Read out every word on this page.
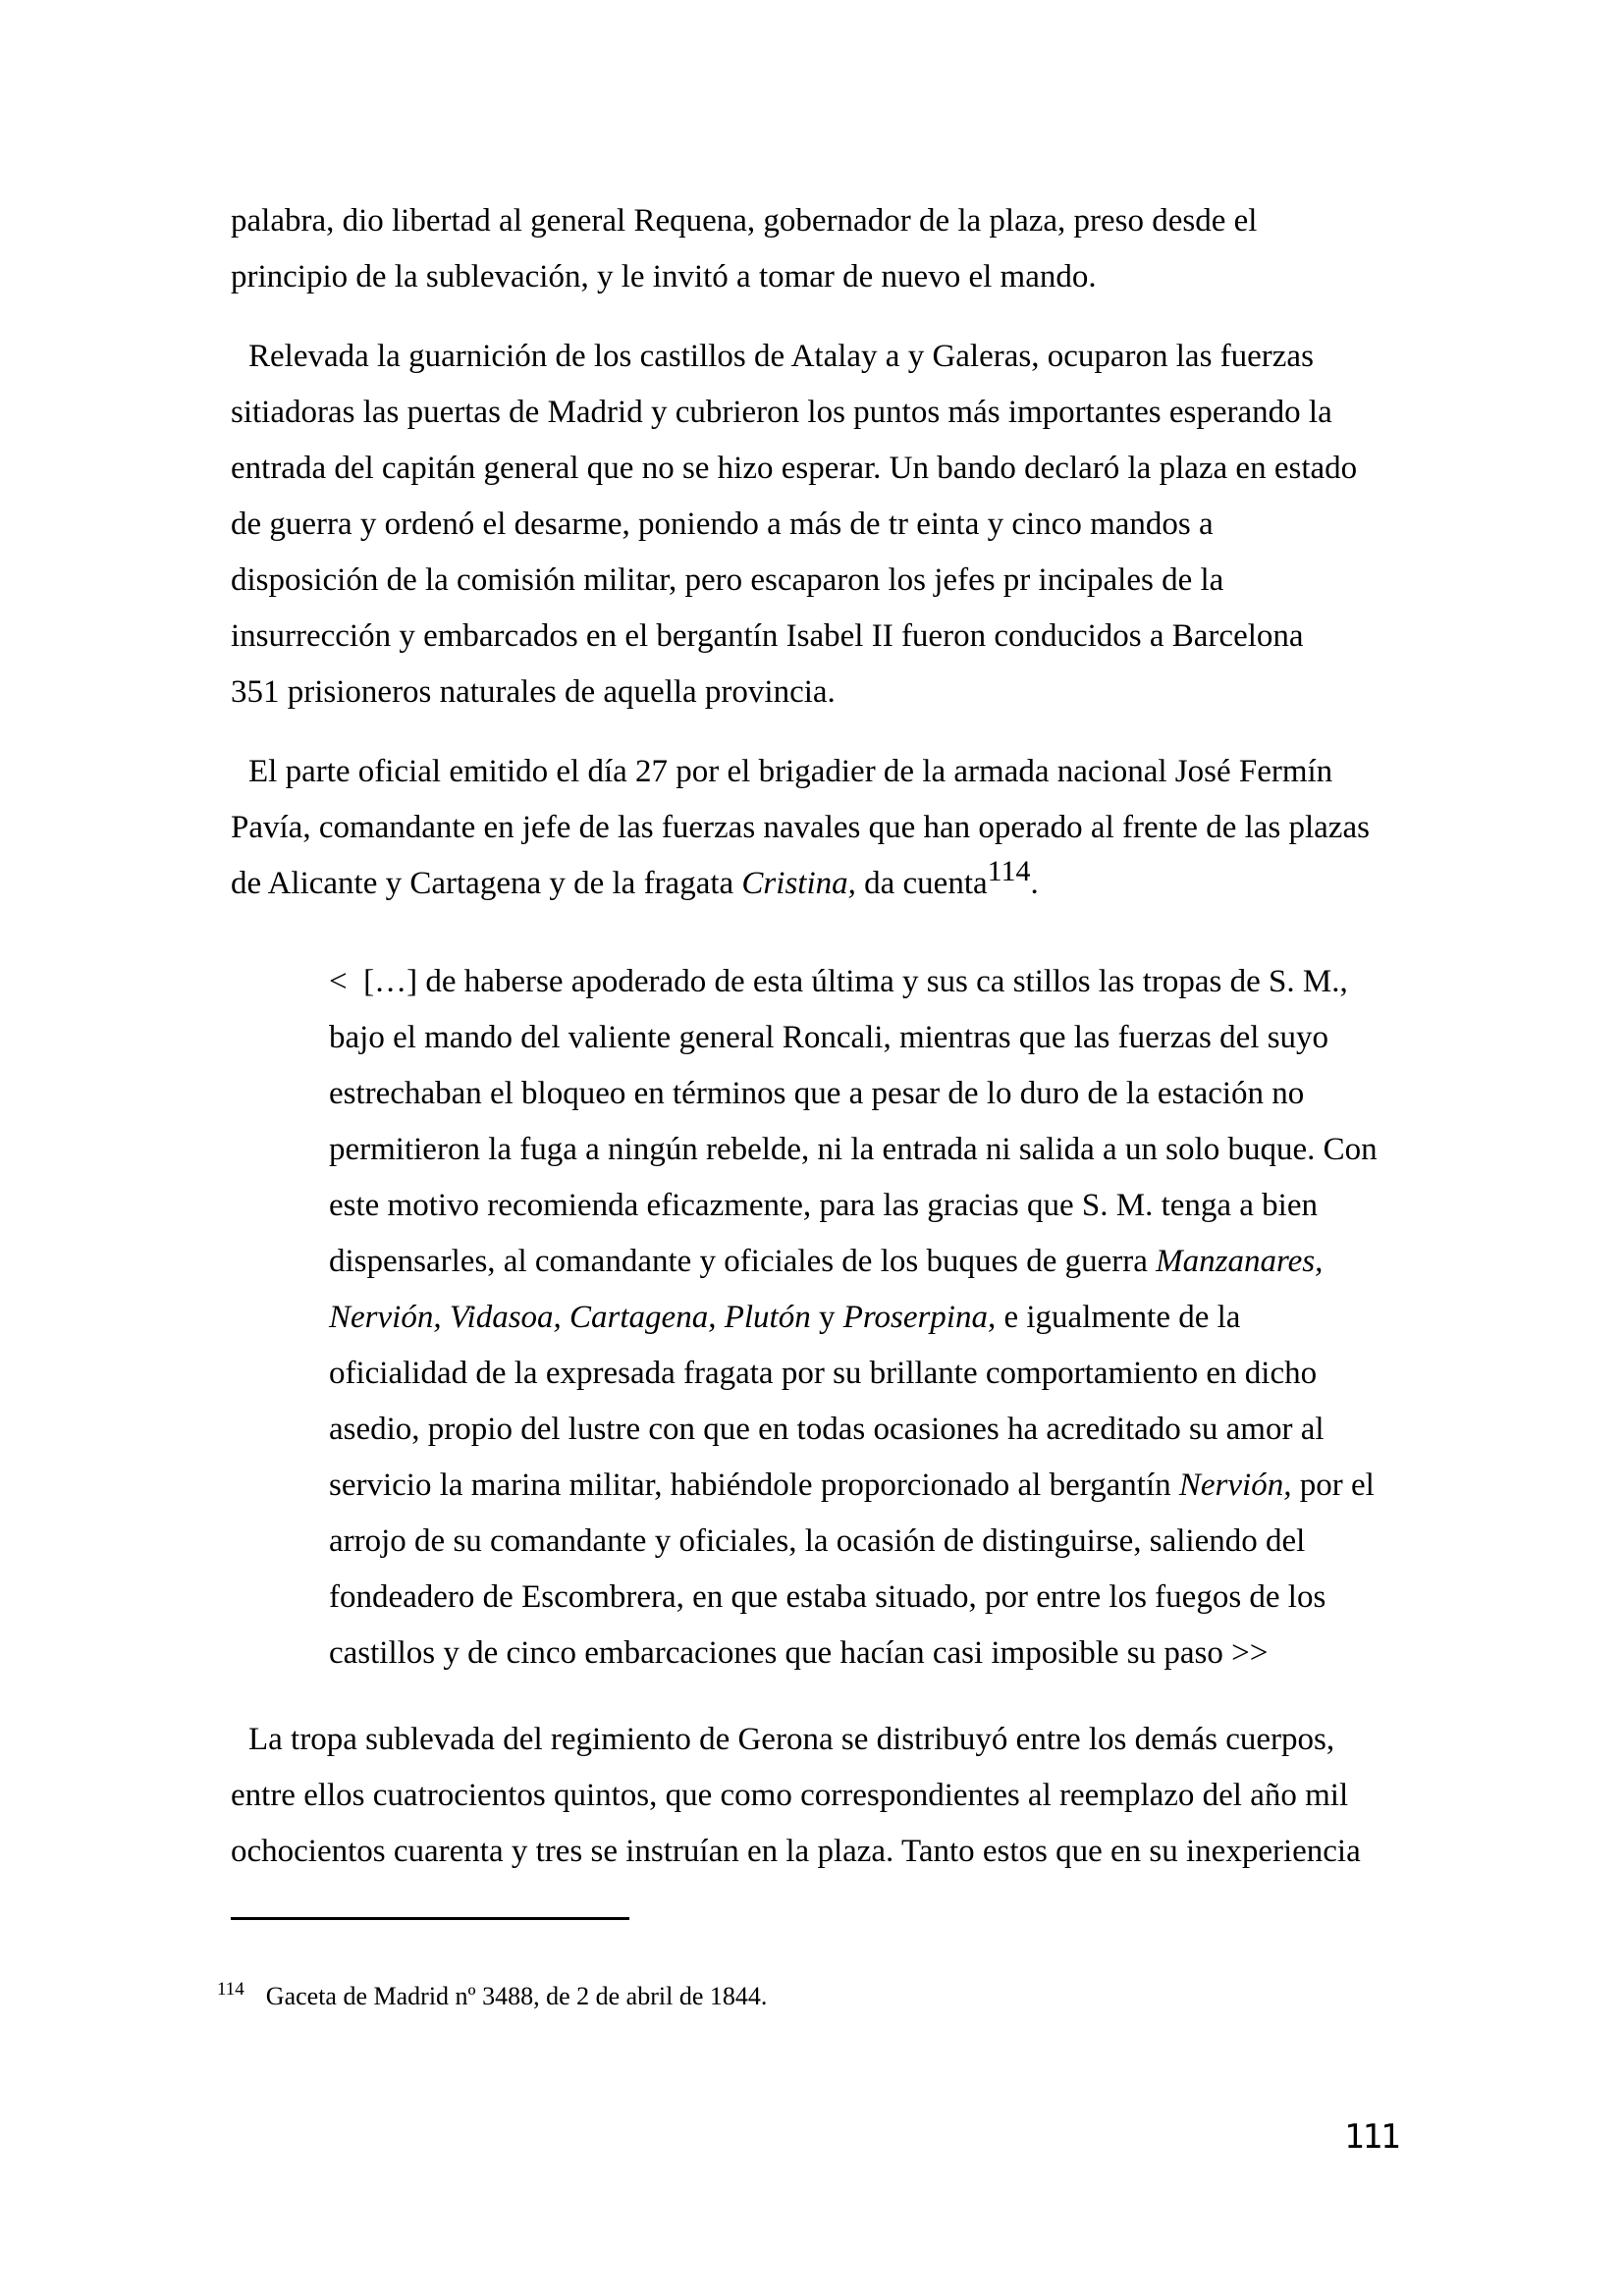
palabra, dio libertad al general Requena, gobernador de la plaza, preso desde el
principio de la sublevación, y le invitó a tomar de nuevo el mando.
Relevada la guarnición de los castillos de Atalay a y Galeras, ocuparon las fuerzas
sitiadoras las puertas de Madrid y cubrieron los puntos más importantes esperando la
entrada del capitán general que no se hizo esperar. Un bando declaró la plaza en estado
de guerra y ordenó el desarme, poniendo a más de tr einta y cinco mandos a
disposición de la comisión militar, pero escaparon los jefes pr incipales de la
insurrección y embarcados en el bergantín Isabel II fueron conducidos a Barcelona
351 prisioneros naturales de aquella provincia.
El parte oficial emitido el día 27 por el brigadier de la armada nacional José Fermín
Pavía, comandante en jefe de las fuerzas navales que han operado al frente de las plazas
de Alicante y Cartagena y de la fragata Cristina, da cuenta114.
<  […] de haberse apoderado de esta última y sus ca stillos las tropas de S. M.,
bajo el mando del valiente general Roncali, mientras que las fuerzas del suyo
estrechaban el bloqueo en términos que a pesar de lo duro de la estación no
permitieron la fuga a ningún rebelde, ni la entrada ni salida a un solo buque. Con
este motivo recomienda eficazmente, para las gracias que S. M. tenga a bien
dispensarles, al comandante y oficiales de los buques de guerra Manzanares,
Nervión, Vidasoa, Cartagena, Plutón y Proserpina, e igualmente de la
oficialidad de la expresada fragata por su brillante comportamiento en dicho
asedio, propio del lustre con que en todas ocasiones ha acreditado su amor al
servicio la marina militar, habiéndole proporcionado al bergantín Nervión, por el
arrojo de su comandante y oficiales, la ocasión de distinguirse, saliendo del
fondeadero de Escombrera, en que estaba situado, por entre los fuegos de los
castillos y de cinco embarcaciones que hacían casi imposible su paso >>
La tropa sublevada del regimiento de Gerona se distribuyó entre los demás cuerpos,
entre ellos cuatrocientos quintos, que como correspondientes al reemplazo del año mil
ochocientos cuarenta y tres se instruían en la plaza. Tanto estos que en su inexperiencia
$^{114}$ Gaceta de Madrid nº 3488, de 2 de abril de 1844.
111
